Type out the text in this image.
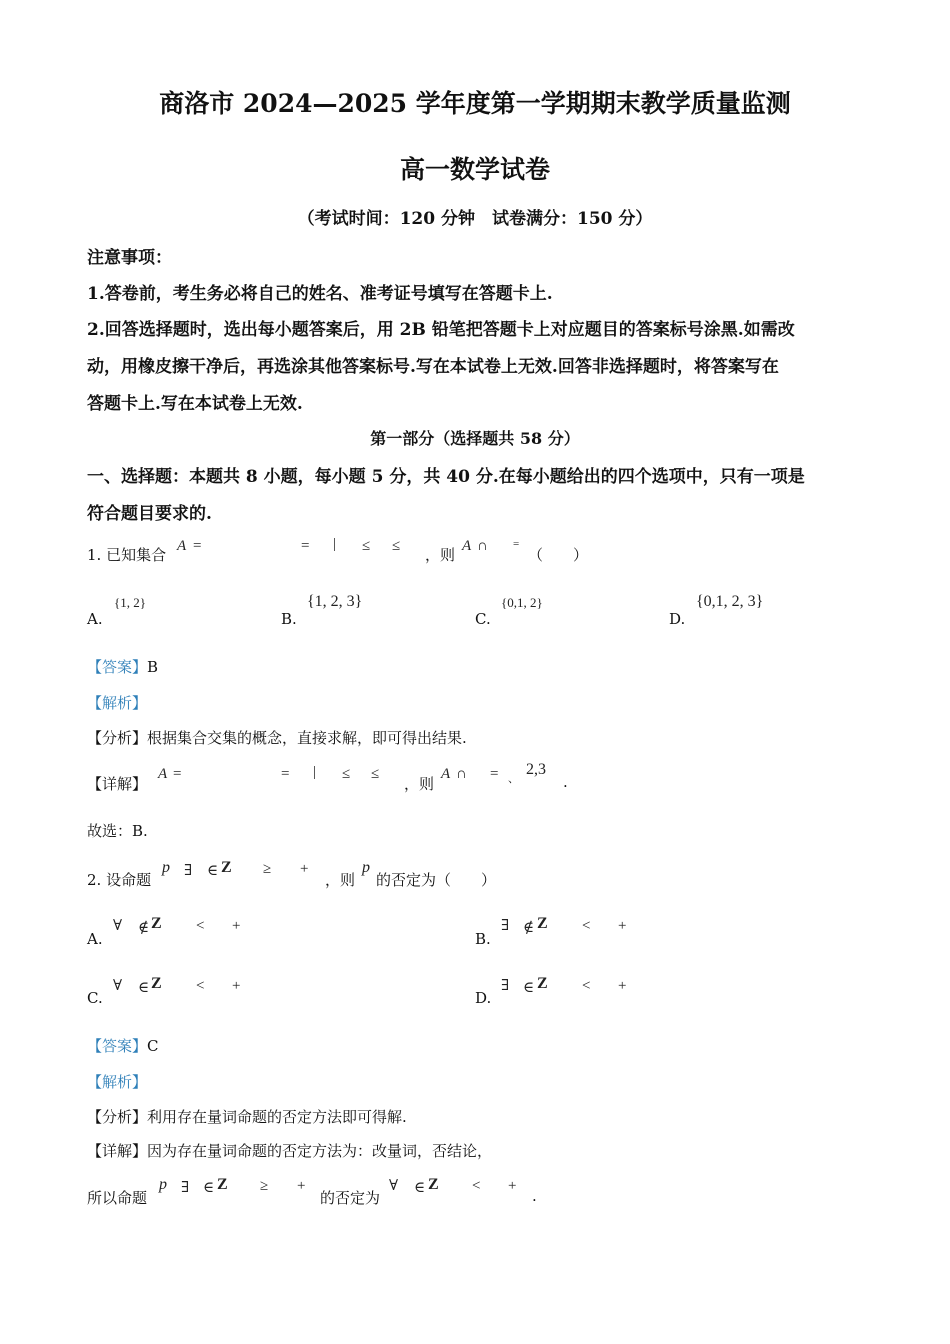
商洛市 2024—2025 学年度第一学期期末教学质量监测
高一数学试卷
（考试时间：120 分钟　试卷满分：150 分）
注意事项：
1.答卷前，考生务必将自己的姓名、准考证号填写在答题卡上.
2.回答选择题时，选出每小题答案后，用 2B 铅笔把答题卡上对应题目的答案标号涂黑.如需改
动，用橡皮擦干净后，再选涂其他答案标号.写在本试卷上无效.回答非选择题时，将答案写在
答题卡上.写在本试卷上无效.
第一部分（选择题共 58 分）
一、选择题：本题共 8 小题，每小题 5 分，共 40 分.在每小题给出的四个选项中，只有一项是
符合题目要求的.
1. 已知集合 A =	= | ≤ ≤ ，则 A ∩ =
（　　）
A.
{1, 2}
B.
{1, 2, 3}
C.
{0,1, 2}
D.
{0,1, 2, 3}
【答案】B
【解析】
【分析】根据集合交集的概念，直接求解，即可得出结果.
【详解】
A =	= | ≤ ≤
，则
A ∩ = 、
2,3
.
故选：B.
2. 设命题
p ∃ ∈ Z ≥ +
，则
p
的否定为（　　）
A.
∀ ∉ Z < +
B.
∃ ∉ Z < +
C.
∀ ∈ Z < +
D.
∃ ∈ Z < +
【答案】C
【解析】
【分析】利用存在量词命题的否定方法即可得解.
【详解】因为存在量词命题的否定方法为：改量词，否结论，
所以命题
p ∃ ∈ Z ≥ +
的否定为
∀ ∈ Z < +
.
